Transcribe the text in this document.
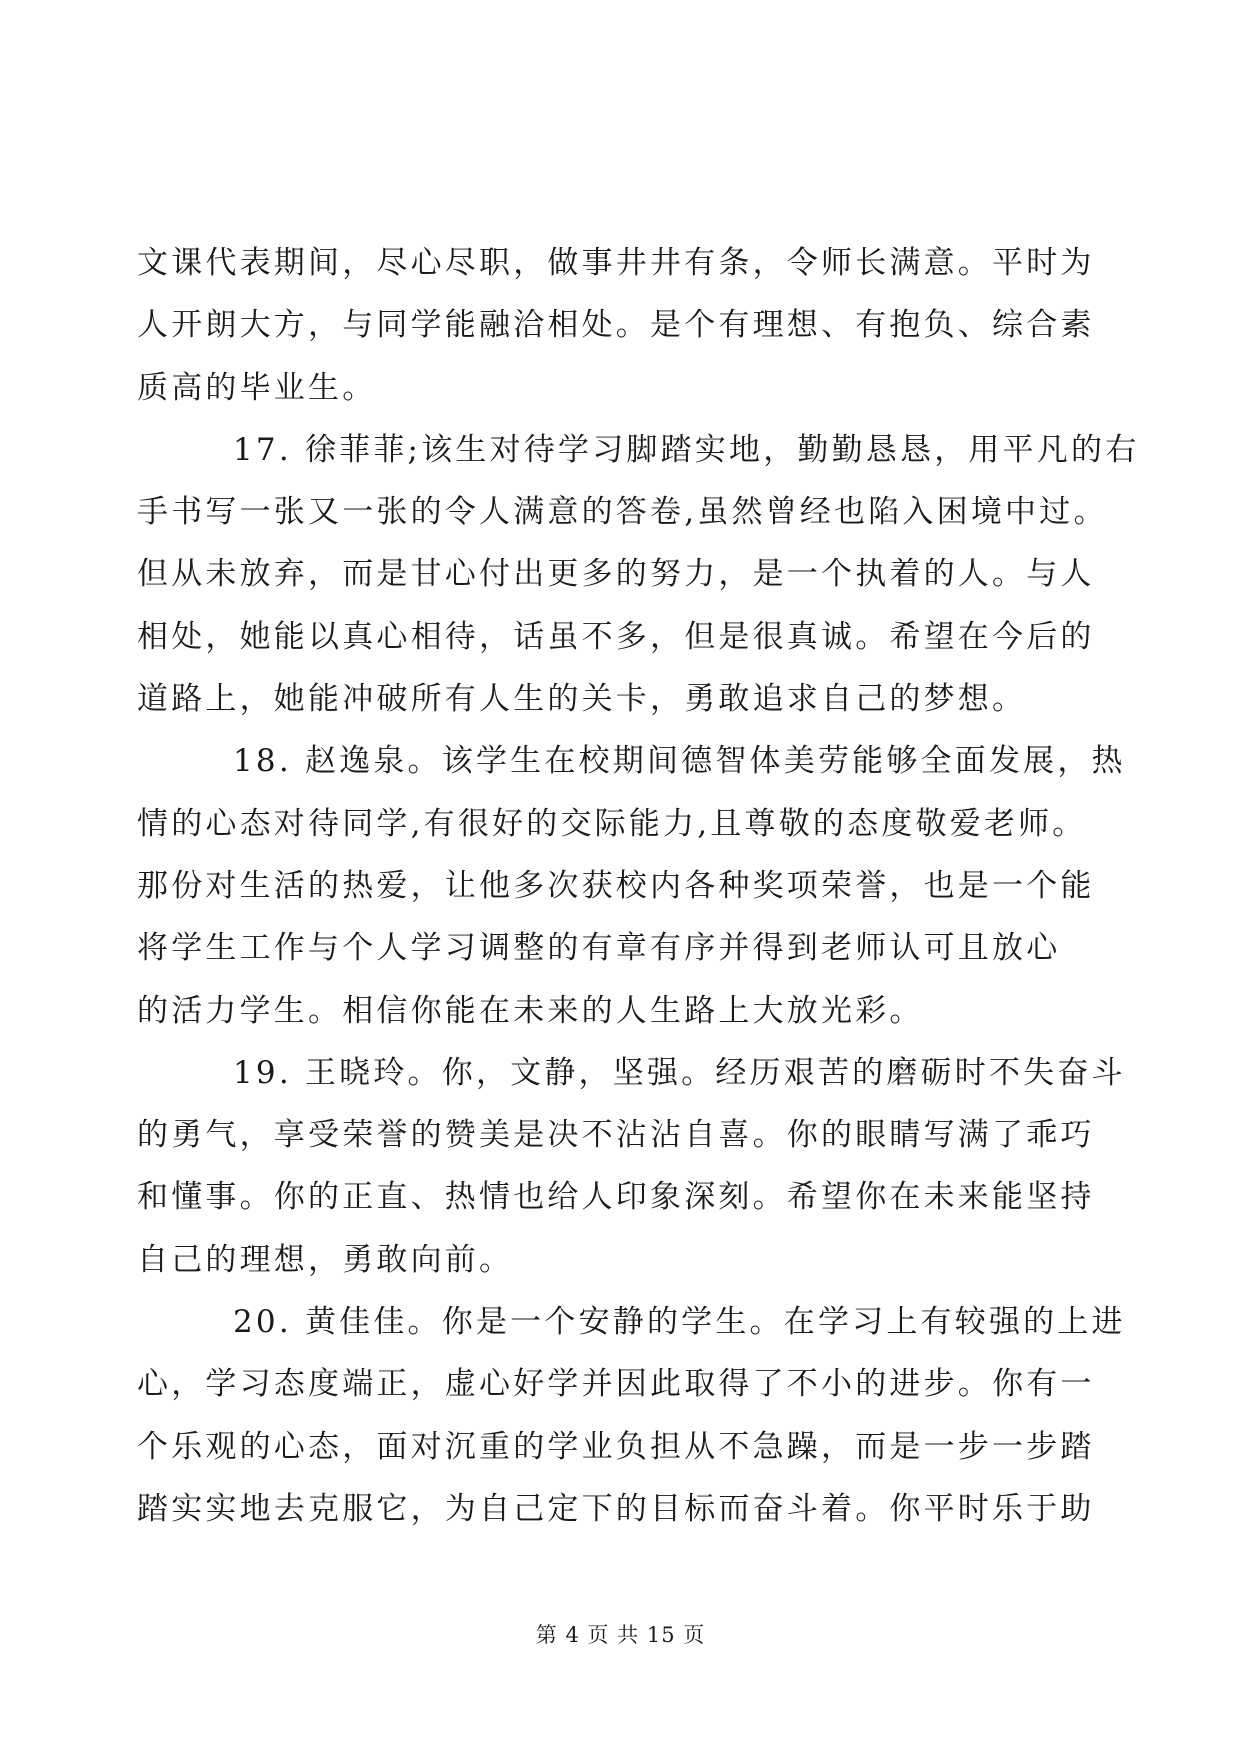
文课代表期间，尽心尽职，做事井井有条，令师长满意。平时为
人开朗大方，与同学能融洽相处。是个有理想、有抱负、综合素
质高的毕业生。
17. 徐菲菲;该生对待学习脚踏实地，勤勤恳恳，用平凡的右
手书写一张又一张的令人满意的答卷,虽然曾经也陷入困境中过。
但从未放弃，而是甘心付出更多的努力，是一个执着的人。与人
相处，她能以真心相待，话虽不多，但是很真诚。希望在今后的
道路上，她能冲破所有人生的关卡，勇敢追求自己的梦想。
18. 赵逸泉。该学生在校期间德智体美劳能够全面发展，热
情的心态对待同学,有很好的交际能力,且尊敬的态度敬爱老师。
那份对生活的热爱，让他多次获校内各种奖项荣誉，也是一个能
将学生工作与个人学习调整的有章有序并得到老师认可且放心
的活力学生。相信你能在未来的人生路上大放光彩。
19. 王晓玲。你，文静，坚强。经历艰苦的磨砺时不失奋斗
的勇气，享受荣誉的赞美是决不沾沾自喜。你的眼睛写满了乖巧
和懂事。你的正直、热情也给人印象深刻。希望你在未来能坚持
自己的理想，勇敢向前。
20. 黄佳佳。你是一个安静的学生。在学习上有较强的上进
心，学习态度端正，虚心好学并因此取得了不小的进步。你有一
个乐观的心态，面对沉重的学业负担从不急躁，而是一步一步踏
踏实实地去克服它，为自己定下的目标而奋斗着。你平时乐于助
第 4 页 共 15 页
